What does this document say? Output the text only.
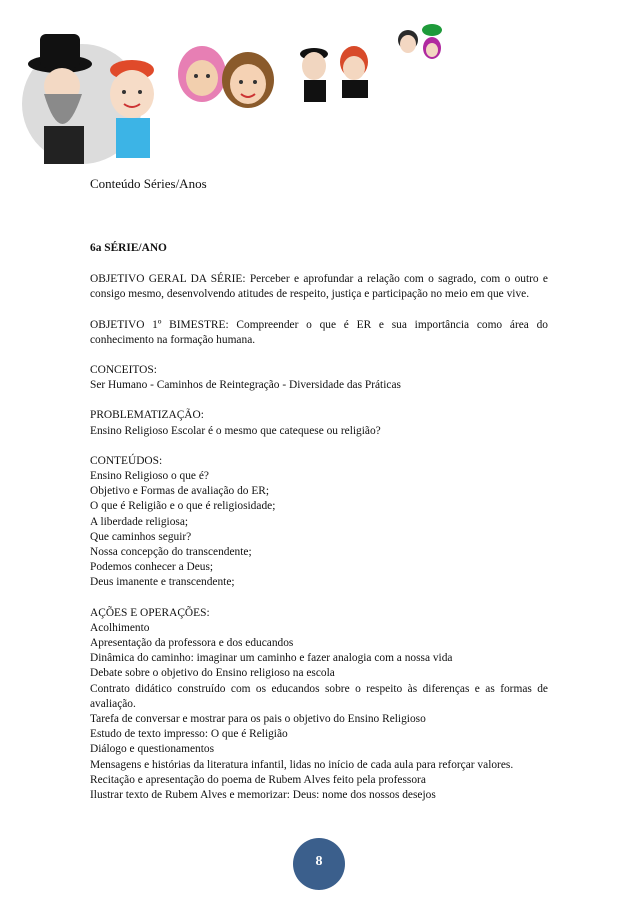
Conteúdo Séries/Anos

6a SÉRIE/ANO

OBJETIVO GERAL DA SÉRIE: Perceber e aprofundar a relação com o sagrado, com o outro e consigo mesmo, desenvolvendo atitudes de respeito, justiça e participação no meio em que vive.

OBJETIVO 1º BIMESTRE: Compreender o que é ER e sua importância como área do conhecimento na formação humana.

CONCEITOS:
Ser Humano - Caminhos de Reintegração - Diversidade das Práticas

PROBLEMATIZAÇÃO:
Ensino Religioso Escolar é o mesmo que catequese ou religião?

CONTEÚDOS:
Ensino Religioso o que é?
Objetivo e Formas de avaliação do ER;
O que é Religião e o que é religiosidade;
A liberdade religiosa;
Que caminhos seguir?
Nossa concepção do transcendente;
Podemos conhecer a Deus;
Deus imanente e transcendente;

AÇÕES E OPERAÇÕES:
Acolhimento
Apresentação da professora e dos educandos
Dinâmica do caminho: imaginar um caminho e fazer analogia com a nossa vida
Debate sobre o objetivo do Ensino religioso na escola
Contrato didático construído com os educandos sobre o respeito às diferenças e as formas de avaliação.
Tarefa de conversar e mostrar para os pais o objetivo do Ensino Religioso
Estudo de texto impresso: O que é Religião
Diálogo e questionamentos
Mensagens e histórias da literatura infantil, lidas no início de cada aula para reforçar valores.
Recitação e apresentação do poema de Rubem Alves feito pela professora
Ilustrar texto de Rubem Alves e memorizar: Deus: nome dos nossos desejos

8
